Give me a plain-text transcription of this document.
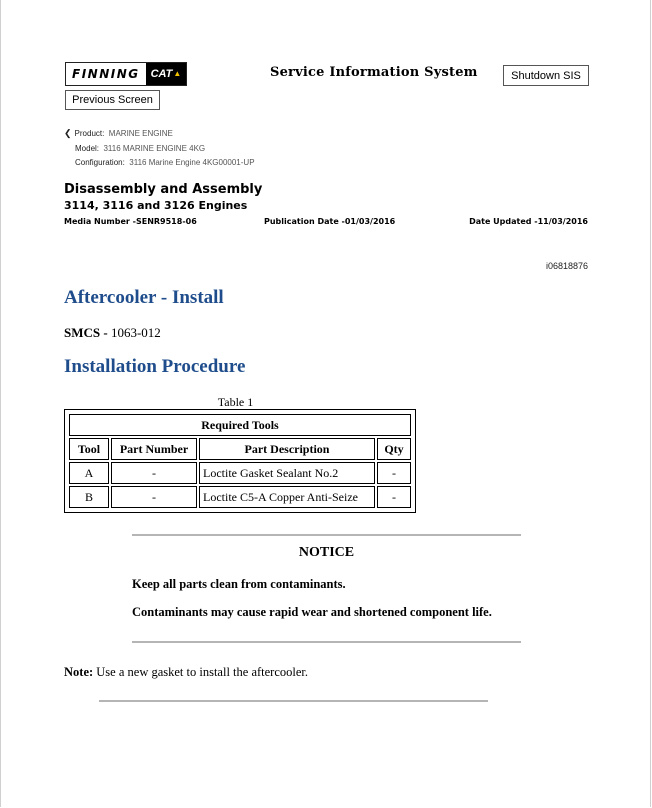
FINNING	CAT ▲	Service Information System	Shutdown SIS
Previous Screen
❮ Product: MARINE ENGINE
Model: 3116 MARINE ENGINE 4KG
Configuration: 3116 Marine Engine 4KG00001-UP
Disassembly and Assembly
3114, 3116 and 3126 Engines
Media Number -SENR9518-06	Publication Date -01/03/2016	Date Updated -11/03/2016
i06818876
Aftercooler - Install
SMCS - 1063-012
Installation Procedure
Table 1
Required Tools			
Tool	Part Number	Part Description	Qty
A	-	Loctite Gasket Sealant No.2	-
B	-	Loctite C5-A Copper Anti-Seize	-
NOTICE
Keep all parts clean from contaminants.
Contaminants may cause rapid wear and shortened component life.
Note: Use a new gasket to install the aftercooler.
